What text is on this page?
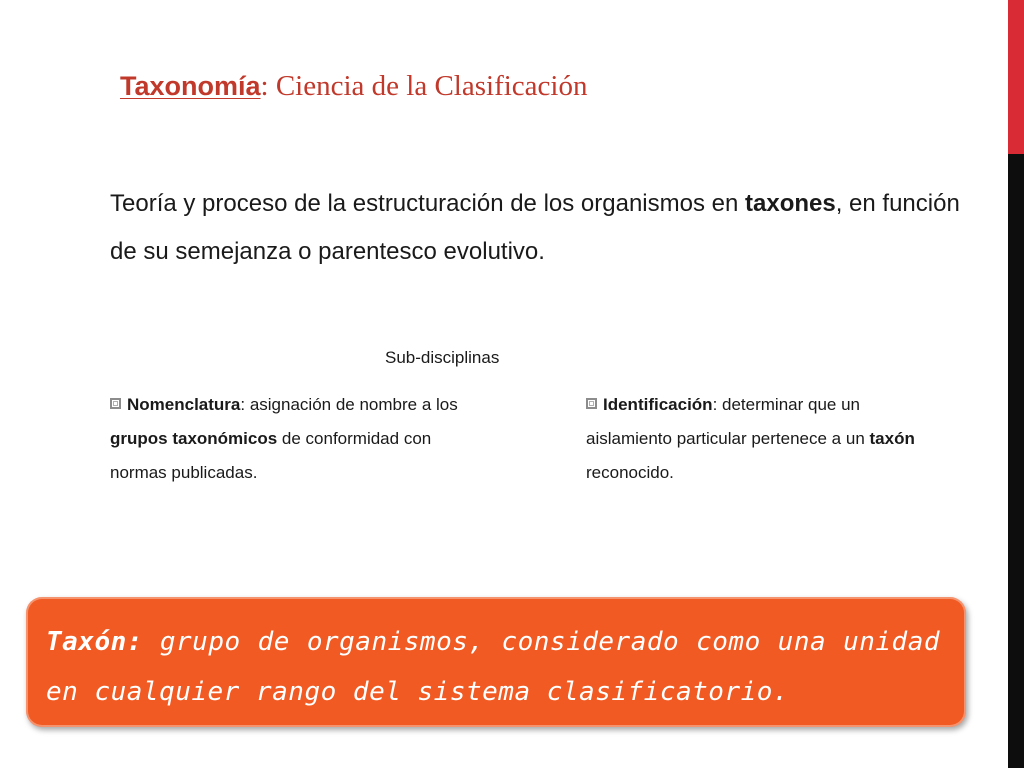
Taxonomía: Ciencia de la Clasificación
Teoría y proceso de la estructuración de los organismos en taxones, en función de su semejanza o parentesco evolutivo.
Sub-disciplinas
Nomenclatura: asignación de nombre a los grupos taxonómicos de conformidad con normas publicadas.
Identificación: determinar que un aislamiento particular pertenece a un taxón reconocido.
Taxón: grupo de organismos, considerado como una unidad en cualquier rango del sistema clasificatorio.
